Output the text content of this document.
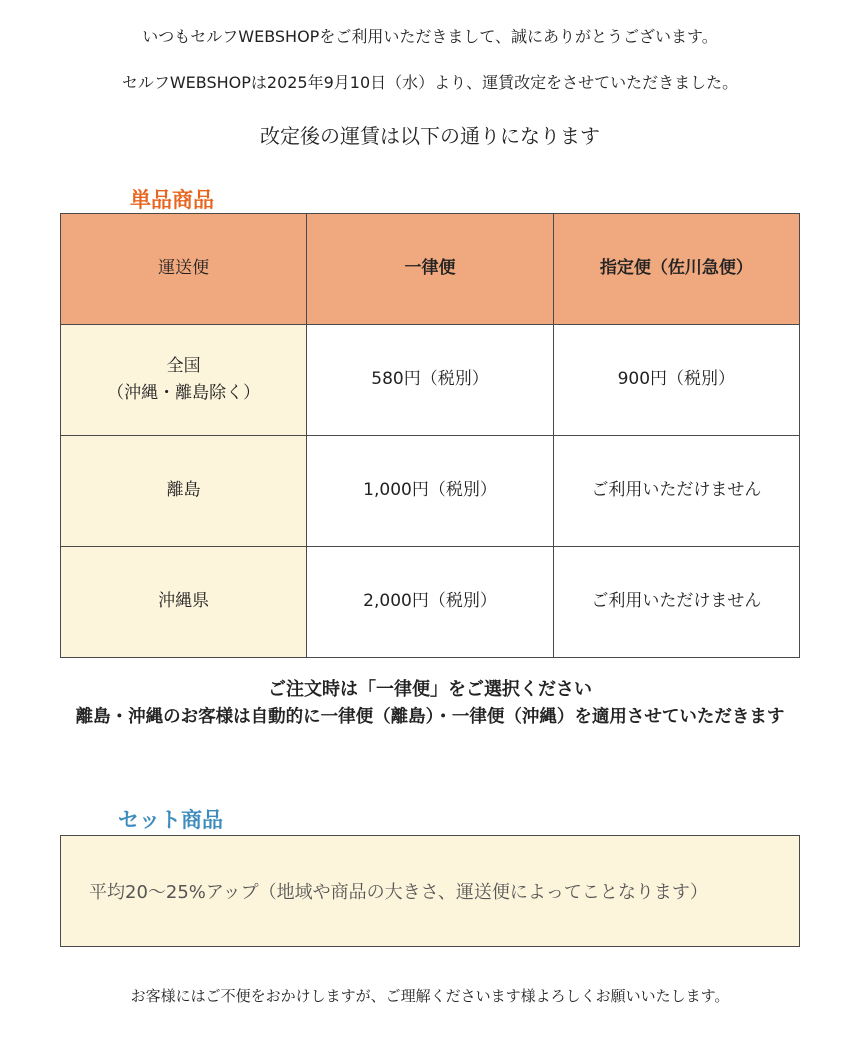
いつもセルフWEBSHOPをご利用いただきまして、誠にありがとうございます。
セルフWEBSHOPは2025年9月10日（水）より、運賃改定をさせていただきました。
改定後の運賃は以下の通りになります
単品商品
運送便	一律便	指定便（佐川急便）

全国
（沖縄・離島除く）	580円（税別）	900円（税別）
離島	1,000円（税別）	ご利用いただけません
沖縄県	2,000円（税別）	ご利用いただけません
ご注文時は「一律便」をご選択ください
離島・沖縄のお客様は自動的に一律便（離島）・一律便（沖縄）を適用させていただきます
セット商品
平均20〜25%アップ（地域や商品の大きさ、運送便によってことなります）
お客様にはご不便をおかけしますが、ご理解くださいます様よろしくお願いいたします。
